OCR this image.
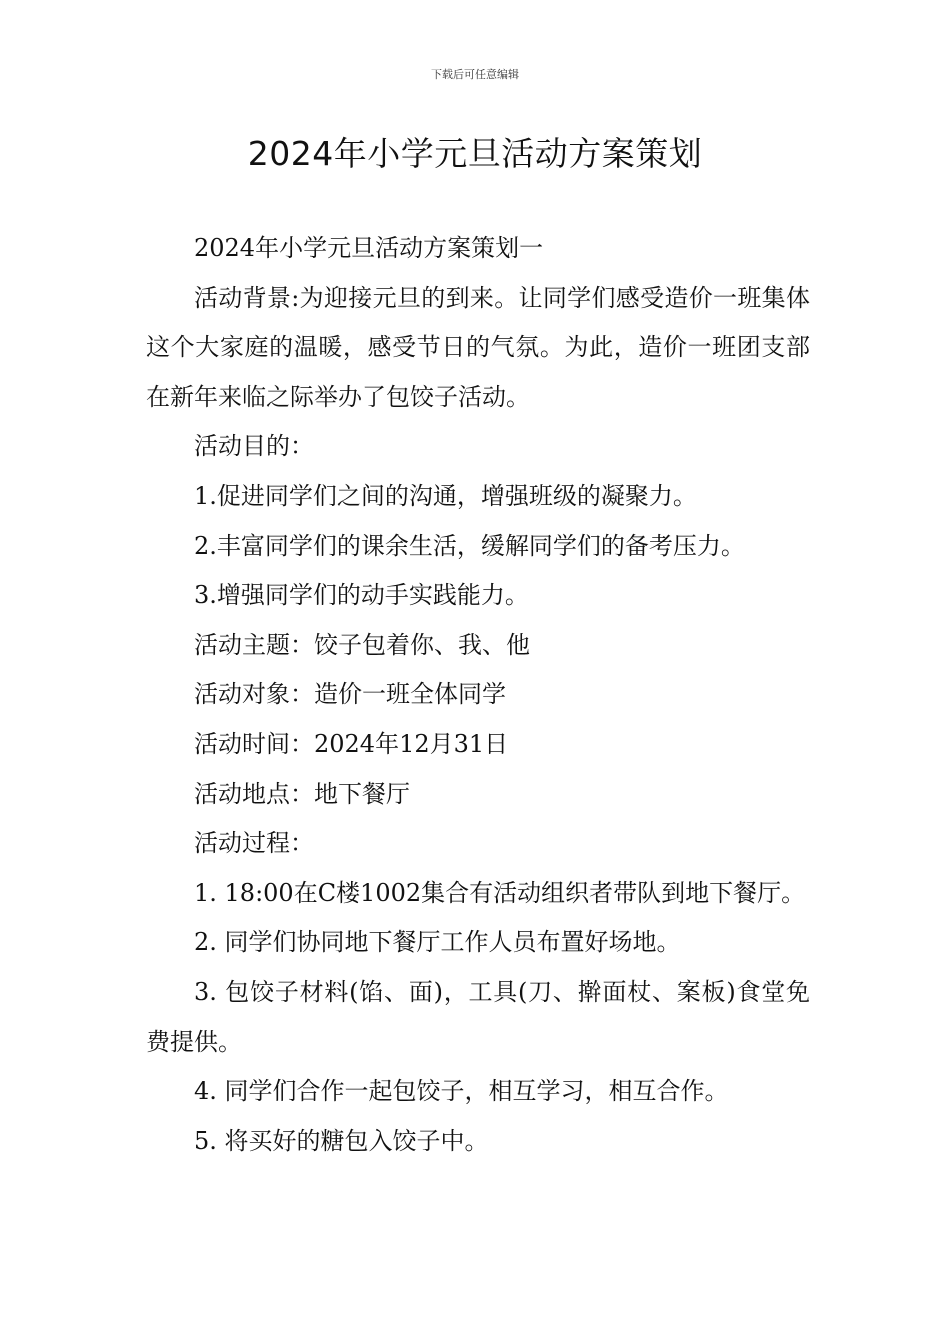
下载后可任意编辑
2024年小学元旦活动方案策划

2024年小学元旦活动方案策划一

活动背景:为迎接元旦的到来。让同学们感受造价一班集体这个大家庭的温暖，感受节日的气氛。为此，造价一班团支部在新年来临之际举办了包饺子活动。

活动目的：

1.促进同学们之间的沟通，增强班级的凝聚力。

2.丰富同学们的课余生活，缓解同学们的备考压力。

3.增强同学们的动手实践能力。

活动主题：饺子包着你、我、他

活动对象：造价一班全体同学

活动时间：2024年12月31日

活动地点：地下餐厅

活动过程：

1. 18:00在C楼1002集合有活动组织者带队到地下餐厅。

2. 同学们协同地下餐厅工作人员布置好场地。

3. 包饺子材料(馅、面)，工具(刀、擀面杖、案板)食堂免费提供。

4. 同学们合作一起包饺子，相互学习，相互合作。

5. 将买好的糖包入饺子中。
